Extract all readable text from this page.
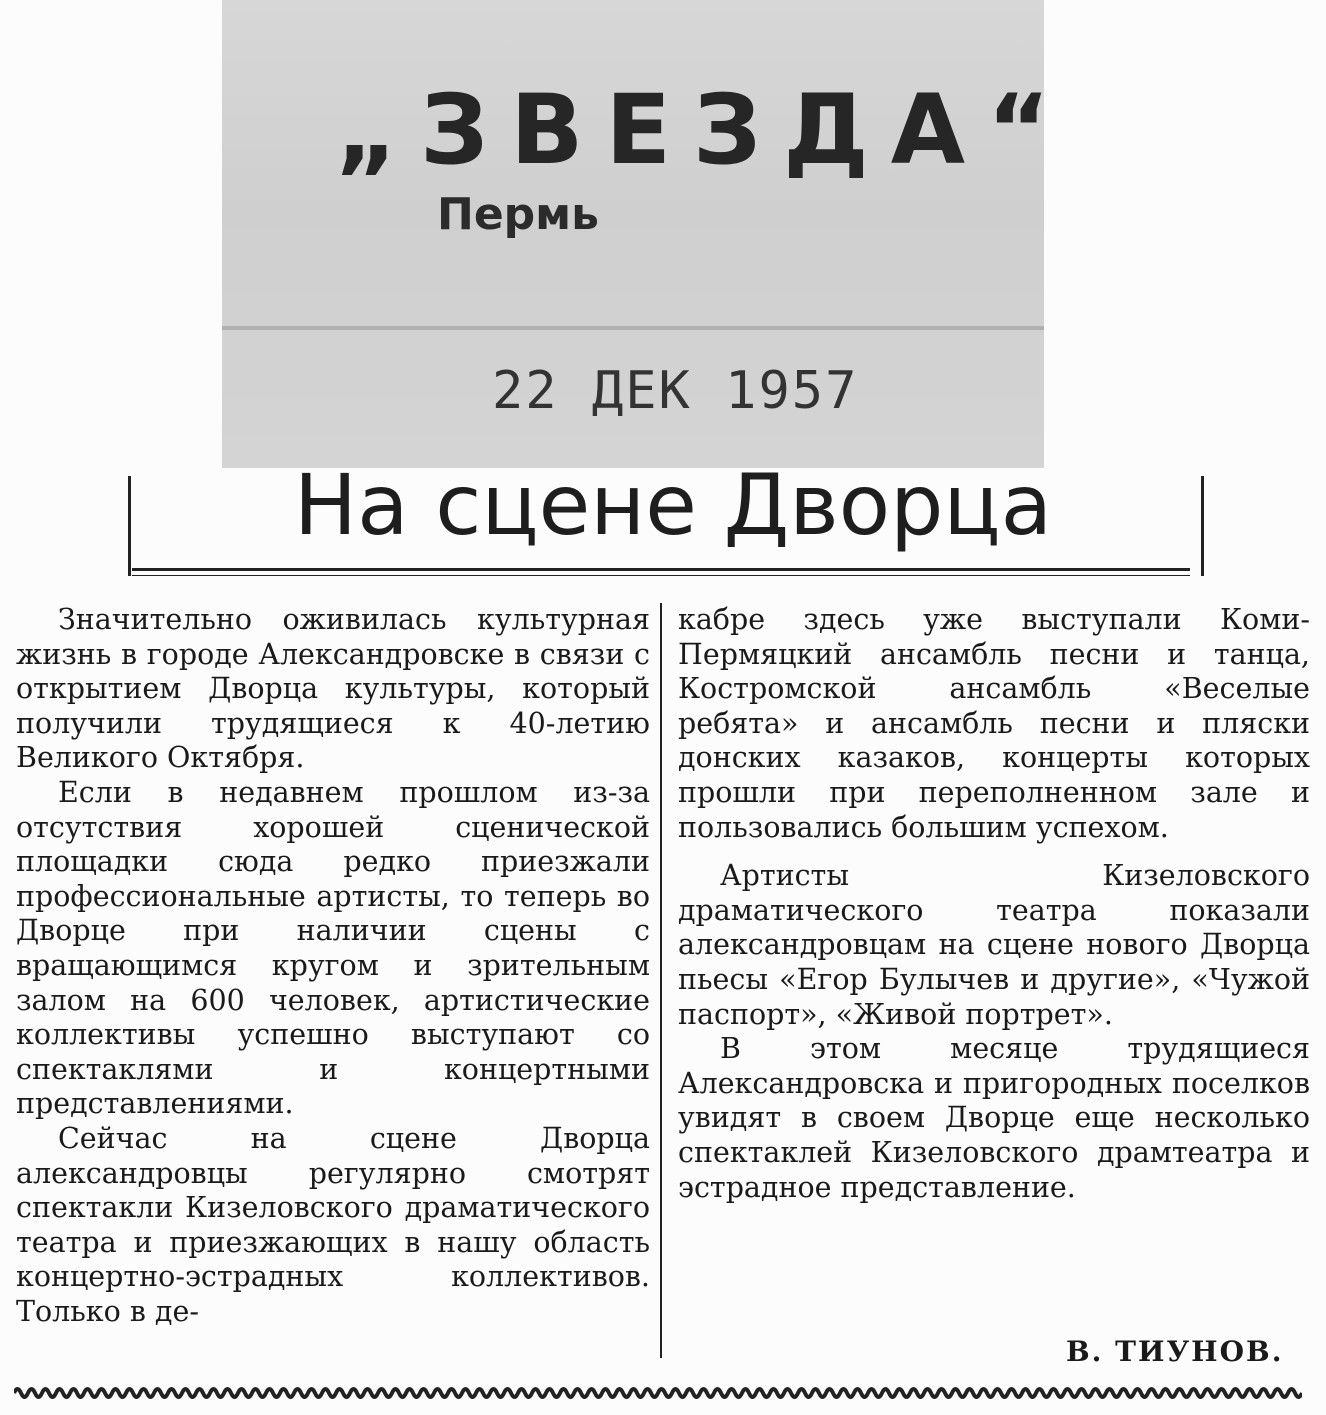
„ЗВЕЗДА“
Пермь
22 ДЕК 1957
На сцене Дворца

Значительно оживилась культурная жизнь в городе Александровске в связи с открытием Дворца культуры, который получили трудящиеся к 40-летию Великого Октября.

Если в недавнем прошлом из-за отсутствия хорошей сценической площадки сюда редко приезжали профессиональные артисты, то теперь во Дворце при наличии сцены с вращающимся кругом и зрительным залом на 600 человек, артистические коллективы успешно выступают со спектаклями и концертными представлениями.

Сейчас на сцене Дворца александровцы регулярно смотрят спектакли Кизеловского драматического театра и приезжающих в нашу область концертно-эстрадных коллективов. Только в де-

кабре здесь уже выступали Коми-Пермяцкий ансамбль песни и танца, Костромской ансамбль «Веселые ребята» и ансамбль песни и пляски донских казаков, концерты которых прошли при переполненном зале и пользовались большим успехом.

Артисты Кизеловского драматического театра показали александровцам на сцене нового Дворца пьесы «Егор Булычев и другие», «Чужой паспорт», «Живой портрет».

В этом месяце трудящиеся Александровска и пригородных поселков увидят в своем Дворце еще несколько спектаклей Кизеловского драмтеатра и эстрадное представление.

В. ТИУНОВ.
